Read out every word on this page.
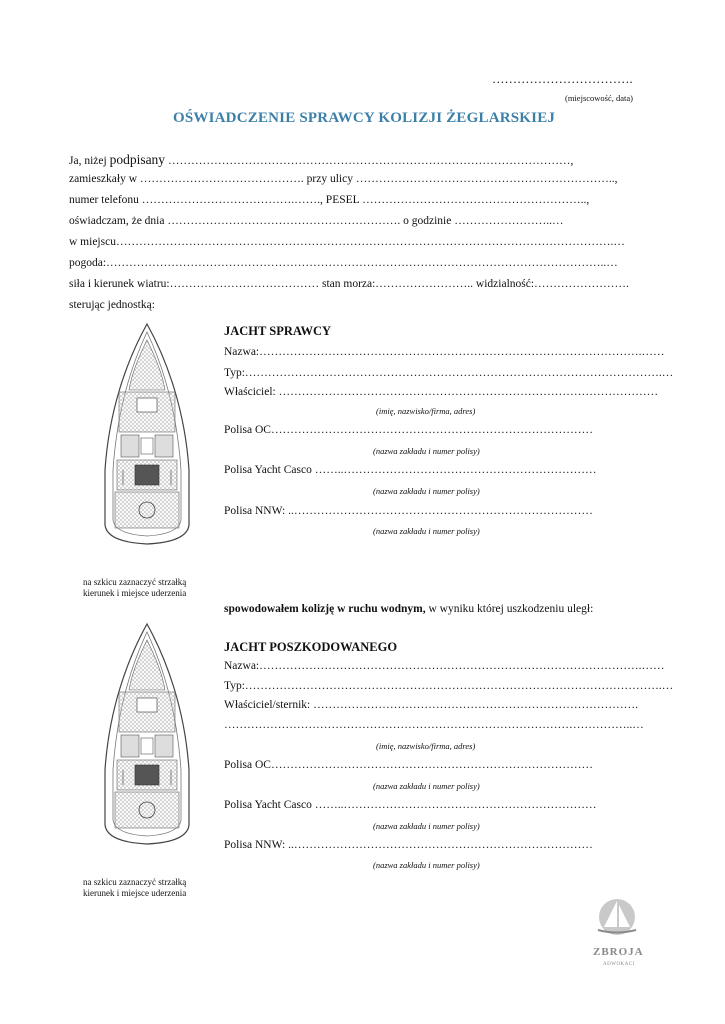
…………………………….
(miejscowość, data)
OŚWIADCZENIE SPRAWCY KOLIZJI ŻEGLARSKIEJ
Ja, niżej podpisany ……………………………………………………………………………………………,
zamieszkały w ……………………………………. przy ulicy …………………………………………………………..,
numer telefonu ………………………………….……., PESEL …………………………………………………..,
oświadczam, że dnia ……………………………………………………. o godzinie ……………………..…
w miejscu………………………………………………………………………………………………………………….…
pogoda:…………………………………………………………………………………………………………………..…
siła i kierunek wiatru:………………………………… stan morza:…………………….. widzialność:…………………….
sterując jednostką:
na szkicu zaznaczyć strzałką
kierunek i miejsce uderzenia
JACHT SPRAWCY
Nazwa:……………………………………………………………………………………….……
Typ:……………………………………………………………………………………………….…
Właściciel: ………………………………………………………………………………………
(imię, nazwisko/firma, adres)
Polisa OC…………………………………………………………………………
(nazwa zakładu i numer polisy)
Polisa Yacht Casco ……..…………………………………………………………
(nazwa zakładu i numer polisy)
Polisa NNW: ..……………………………………………………………………
(nazwa zakładu i numer polisy)
spowodowałem kolizję w ruchu wodnym, w wyniku której uszkodzeniu uległ:
na szkicu zaznaczyć strzałką
kierunek i miejsce uderzenia
JACHT POSZKODOWANEGO
Nazwa:……………………………………………………………………………………….……
Typ:……………………………………………………………………………………………….…
Właściciel/sternik: ………………………………………………………………………….
……………………………………………………………………………………………..…
(imię, nazwisko/firma, adres)
Polisa OC…………………………………………………………………………
(nazwa zakładu i numer polisy)
Polisa Yacht Casco ……..…………………………………………………………
(nazwa zakładu i numer polisy)
Polisa NNW: ..……………………………………………………………………
(nazwa zakładu i numer polisy)
ZBROJA
ADWOKACI
